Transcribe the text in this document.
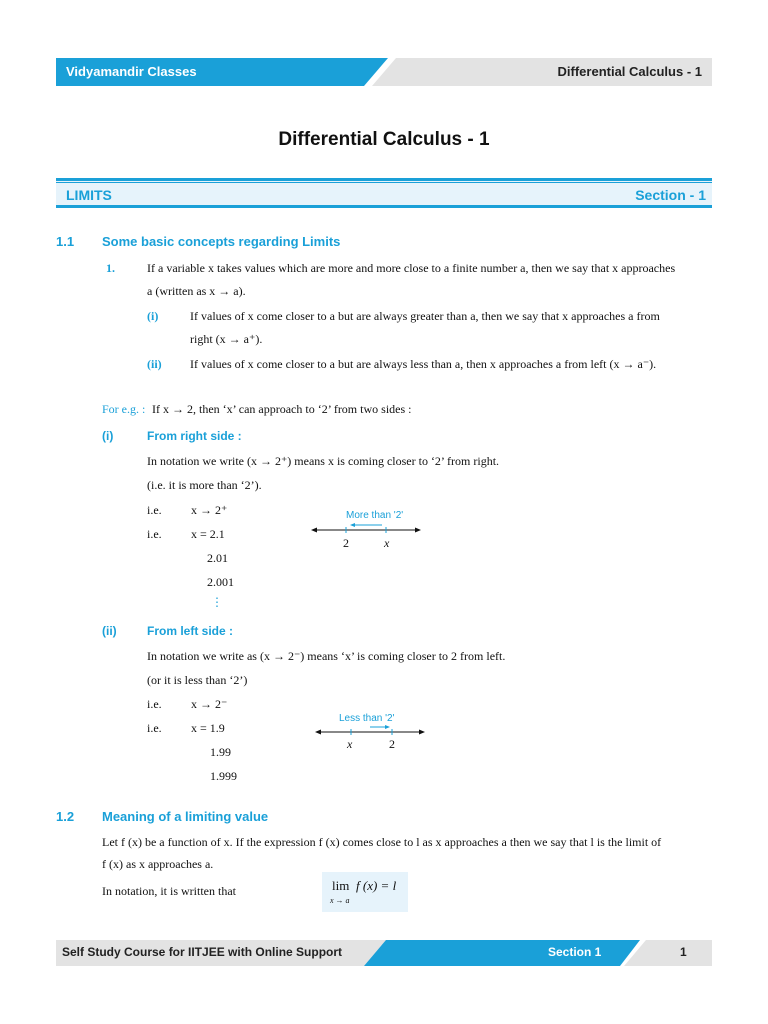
Vidyamandir Classes	Differential Calculus - 1
Differential Calculus - 1
LIMITS	Section - 1
1.1 Some basic concepts regarding Limits
1.	If a variable x takes values which are more and more close to a finite number a, then we say that x approaches
a (written as x → a).
(i)	If values of x come closer to a but are always greater than a, then we say that x approaches a from
right (x → a⁺).
(ii) If values of x come closer to a but are always less than a, then x approaches a from left (x → a⁻).
For e.g. : If x → 2, then ‘x’ can approach to ‘2’ from two sides :
(i)	From right side :
In notation we write (x → 2⁺) means x is coming closer to ‘2’ from right.
(i.e. it is more than ‘2’).
i.e. x → 2⁺
i.e. x = 2.1
2.01
2.001
⋮
More than '2'
2	x
(ii)	From left side :
In notation we write as (x → 2⁻) means ‘x’ is coming closer to 2 from left.
(or it is less than ‘2’)
i.e. x → 2⁻
i.e. x = 1.9
1.99
1.999
Less than '2'
x	2
1.2 Meaning of a limiting value
Let f (x) be a function of x. If the expression f (x) comes close to l as x approaches a then we say that l is the limit of
f (x) as x approaches a.
In notation, it is written that	lim
x → a
f (x) = l
Self Study Course for IITJEE with Online Support	Section 1	1
